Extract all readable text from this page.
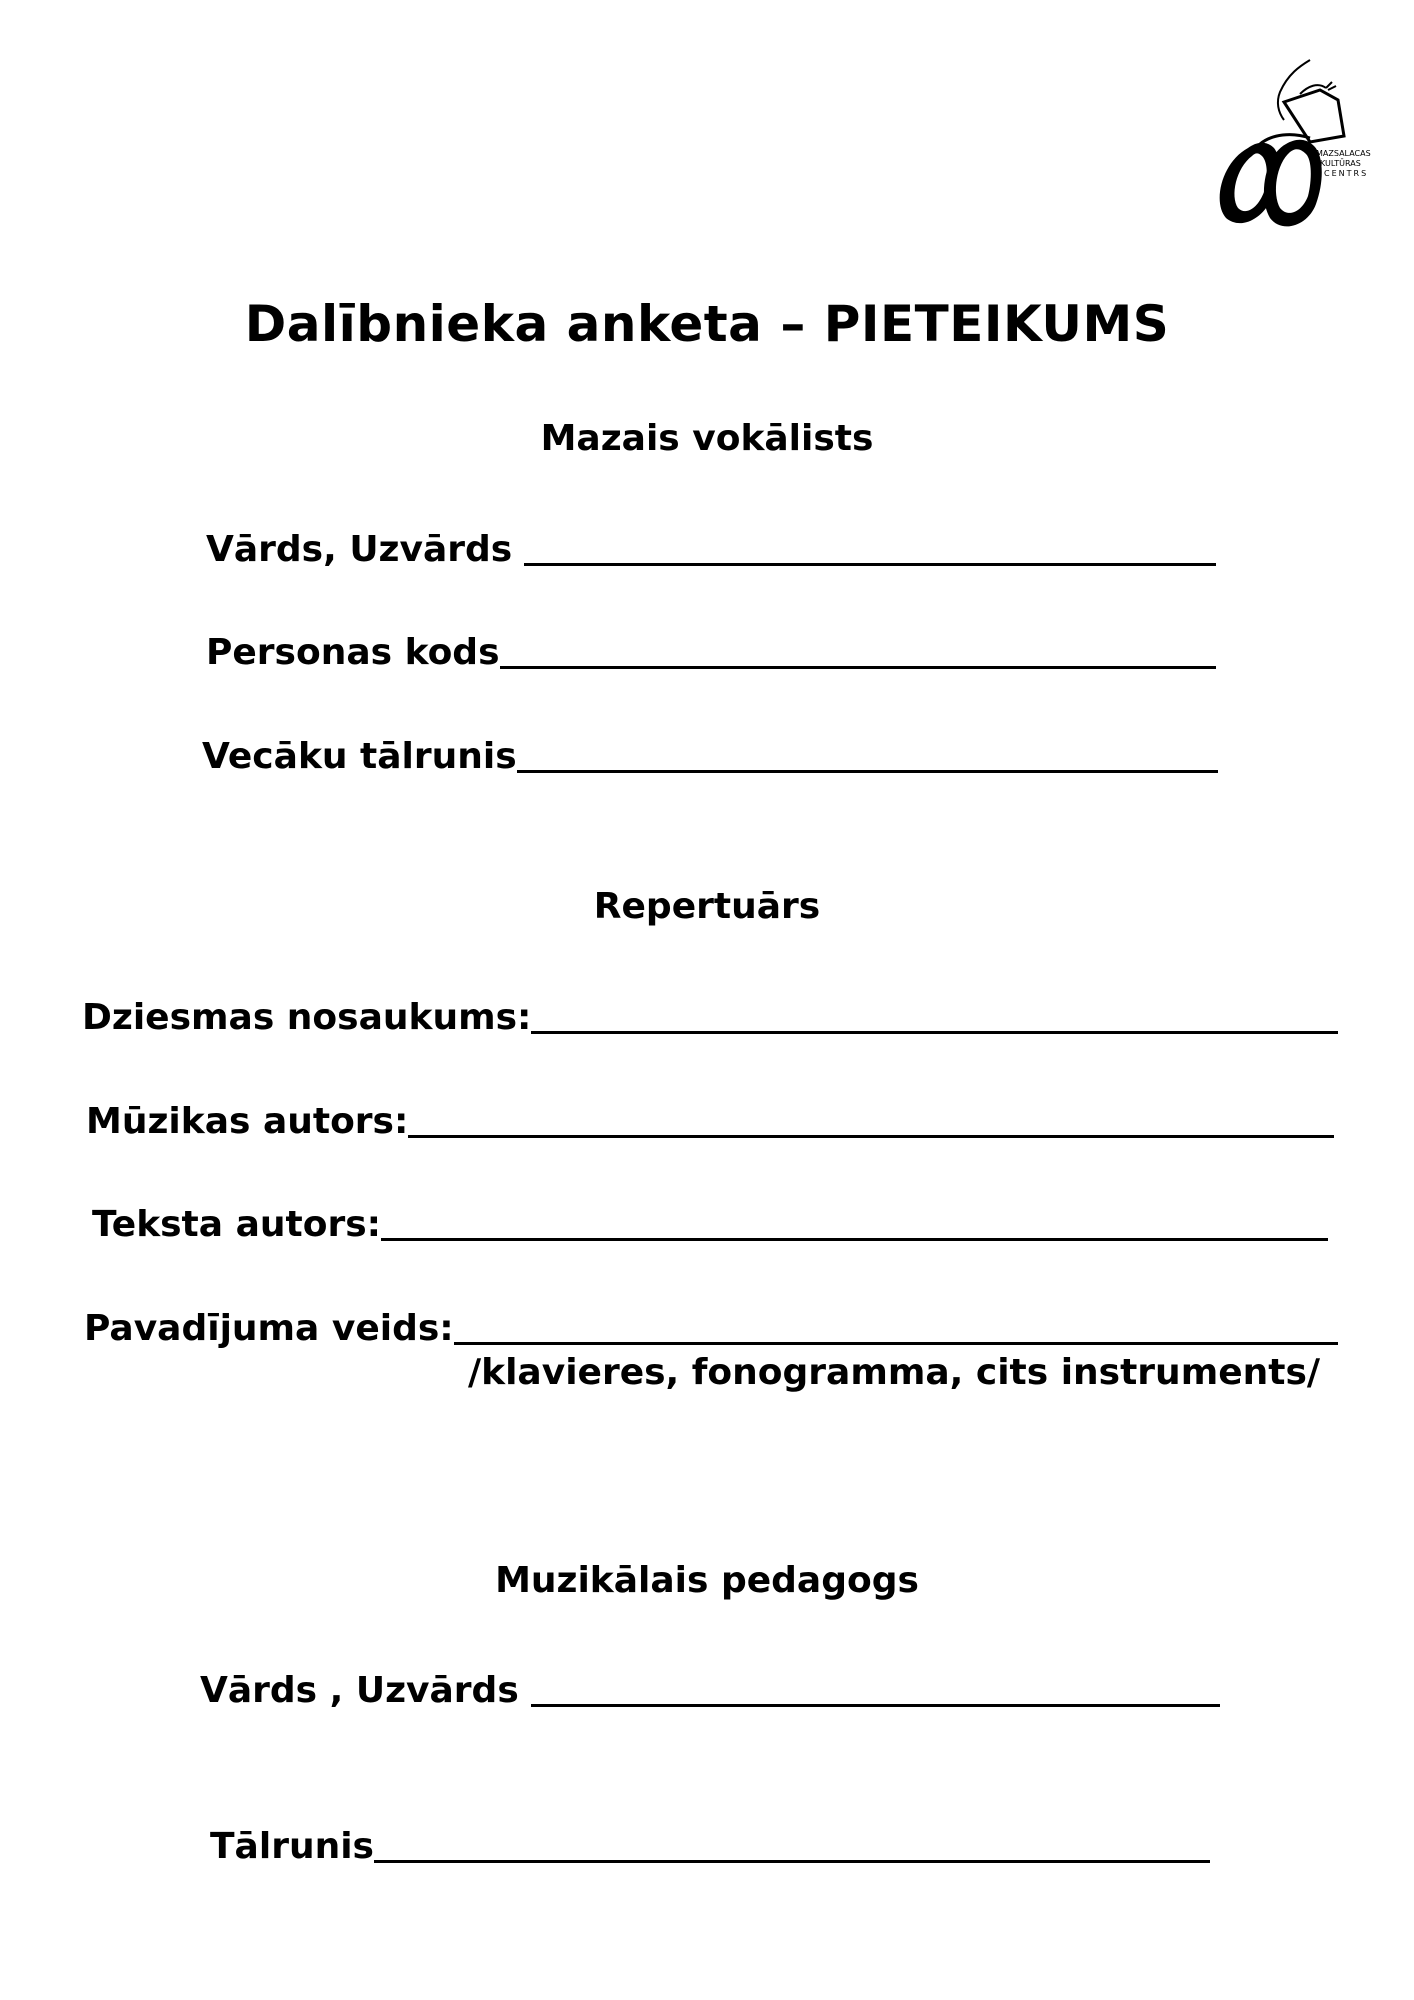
MAZSALACAS
KULTŪRAS
CENTRS
Dalībnieka anketa – PIETEIKUMS
Mazais vokālists
Vārds, Uzvārds
Personas kods
Vecāku tālrunis
Repertuārs
Dziesmas nosaukums:
Mūzikas autors:
Teksta autors:
Pavadījuma veids:
/klavieres, fonogramma, cits instruments/
Muzikālais pedagogs
Vārds , Uzvārds
Tālrunis
